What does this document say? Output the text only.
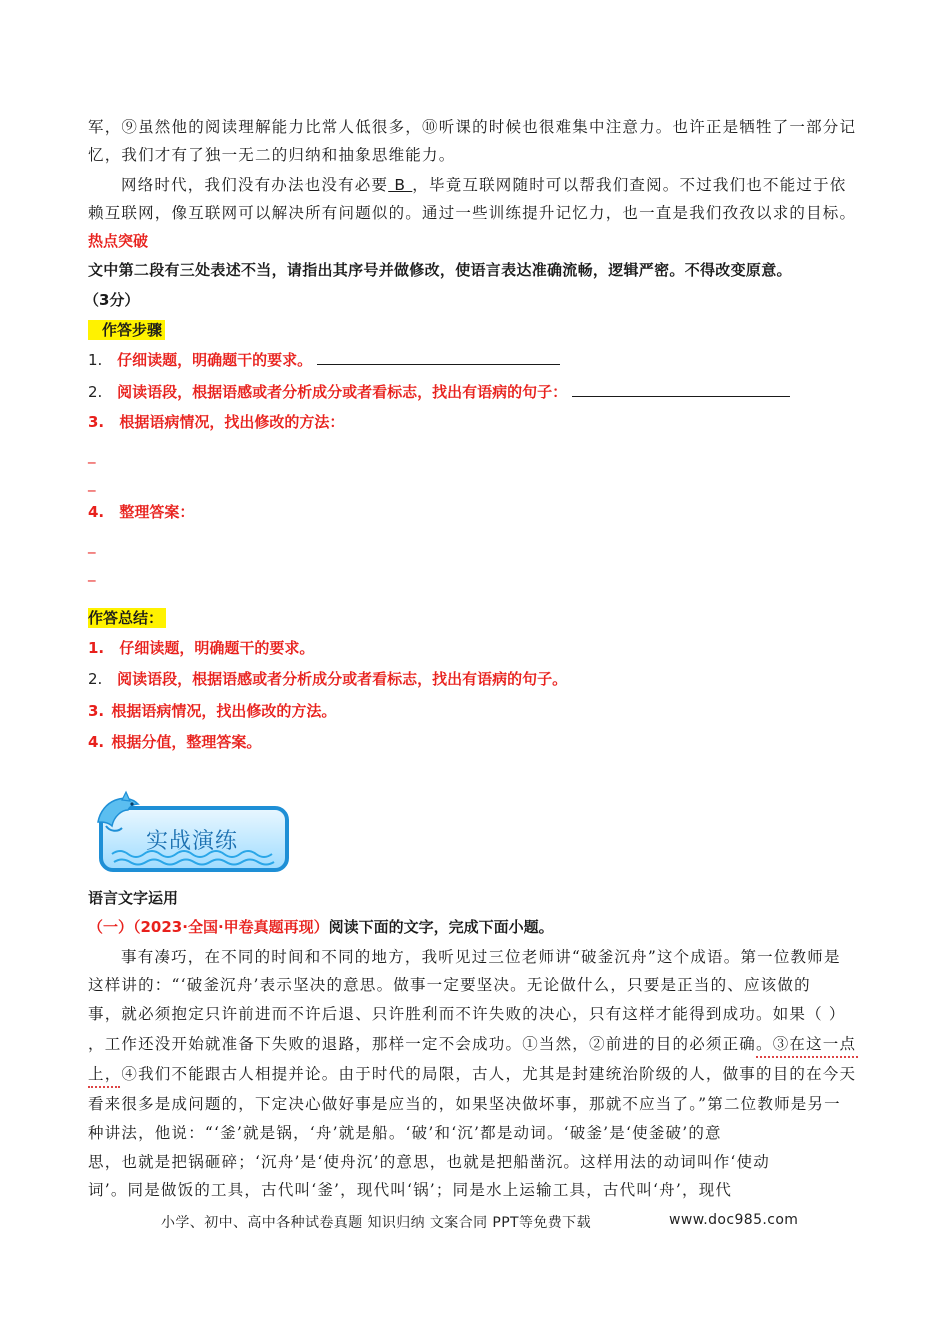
军，⑨虽然他的阅读理解能力比常人低很多，⑩听课的时候也很难集中注意力。也许正是牺牲了一部分记
忆，我们才有了独一无二的归纳和抽象思维能力。
网络时代，我们没有办法也没有必要 B ，毕竟互联网随时可以帮我们查阅。不过我们也不能过于依
赖互联网，像互联网可以解决所有问题似的。通过一些训练提升记忆力，也一直是我们孜孜以求的目标。
热点突破
文中第二段有三处表述不当，请指出其序号并做修改，使语言表达准确流畅，逻辑严密。不得改变原意。
（3分）
作答步骤
1. 仔细读题，明确题干的要求。
2. 阅读语段，根据语感或者分析成分或者看标志，找出有语病的句子：
3. 根据语病情况，找出修改的方法：
_
_
4. 整理答案：
_
_
作答总结：
1. 仔细读题，明确题干的要求。
2. 阅读语段，根据语感或者分析成分或者看标志，找出有语病的句子。
3. 根据语病情况，找出修改的方法。
4. 根据分值，整理答案。
实战演练
语言文字运用
（一）（2023·全国·甲卷真题再现）阅读下面的文字，完成下面小题。
事有凑巧，在不同的时间和不同的地方，我听见过三位老师讲“破釜沉舟”这个成语。第一位教师是
这样讲的：“‘破釜沉舟’表示坚决的意思。做事一定要坚决。无论做什么，只要是正当的、应该做的
事，就必须抱定只许前进而不许后退、只许胜利而不许失败的决心，只有这样才能得到成功。如果（ ）
，工作还没开始就准备下失败的退路，那样一定不会成功。①当然，②前进的目的必须正确。③在这一点
上，④我们不能跟古人相提并论。由于时代的局限，古人，尤其是封建统治阶级的人，做事的目的在今天
看来很多是成问题的，下定决心做好事是应当的，如果坚决做坏事，那就不应当了。”第二位教师是另一
种讲法，他说：“‘釜’就是锅，‘舟’就是船。‘破’和‘沉’都是动词。‘破釜’是‘使釜破’的意
思，也就是把锅砸碎；‘沉舟’是‘使舟沉’的意思，也就是把船凿沉。这样用法的动词叫作‘使动
词’。同是做饭的工具，古代叫‘釜’，现代叫‘锅’；同是水上运输工具，古代叫‘舟’，现代
小学、初中、高中各种试卷真题 知识归纳 文案合同 PPT等免费下载	www.doc985.com
